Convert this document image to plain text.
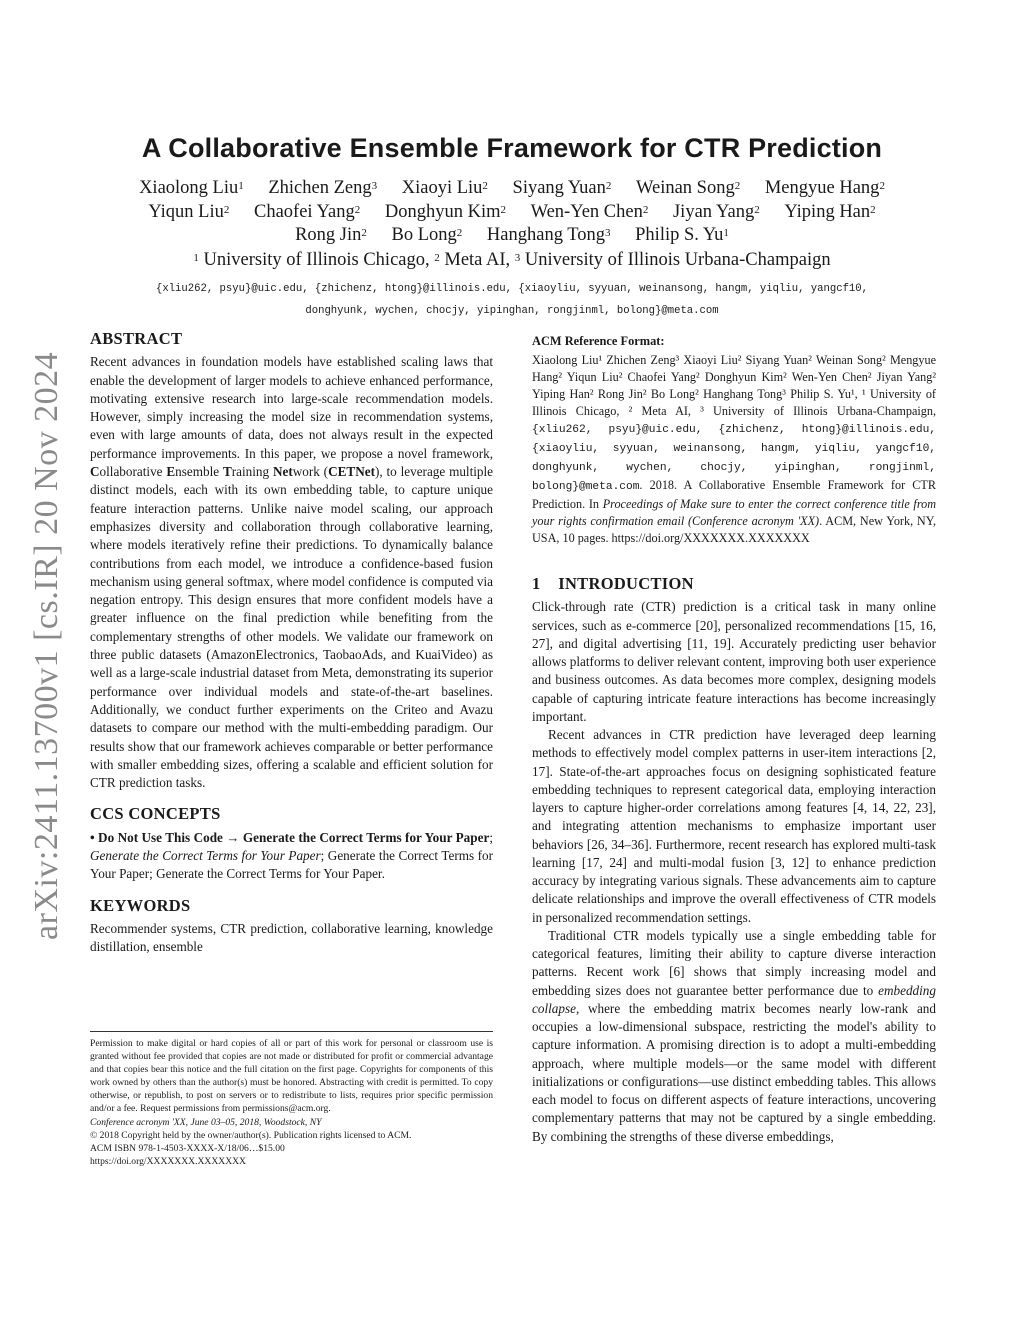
arXiv:2411.13700v1 [cs.IR] 20 Nov 2024
A Collaborative Ensemble Framework for CTR Prediction
Xiaolong Liu$^1$ Zhichen Zeng$^3$ Xiaoyi Liu$^2$ Siyang Yuan$^2$ Weinan Song$^2$ Mengyue Hang$^2$
Yiqun Liu$^2$ Chaofei Yang$^2$ Donghyun Kim$^2$ Wen-Yen Chen$^2$ Jiyan Yang$^2$ Yiping Han$^2$
Rong Jin$^2$ Bo Long$^2$ Hanghang Tong$^3$ Philip S. Yu$^1$
$^1$ University of Illinois Chicago, $^2$ Meta AI, $^3$ University of Illinois Urbana-Champaign
{xliu262, psyu}@uic.edu, {zhichenz, htong}@illinois.edu, {xiaoyliu, syyuan, weinansong, hangm, yiqliu, yangcf10,
donghyunk, wychen, chocjy, yipinghan, rongjinml, bolong}@meta.com
ABSTRACT

Recent advances in foundation models have established scaling laws that enable the development of larger models to achieve enhanced performance, motivating extensive research into large-scale recommendation models. However, simply increasing the model size in recommendation systems, even with large amounts of data, does not always result in the expected performance improvements. In this paper, we propose a novel framework, Collaborative Ensemble Training Network (CETNet), to leverage multiple distinct models, each with its own embedding table, to capture unique feature interaction patterns. Unlike naive model scaling, our approach emphasizes diversity and collaboration through collaborative learning, where models iteratively refine their predictions. To dynamically balance contributions from each model, we introduce a confidence-based fusion mechanism using general softmax, where model confidence is computed via negation entropy. This design ensures that more confident models have a greater influence on the final prediction while benefiting from the complementary strengths of other models. We validate our framework on three public datasets (AmazonElectronics, TaobaoAds, and KuaiVideo) as well as a large-scale industrial dataset from Meta, demonstrating its superior performance over individual models and state-of-the-art baselines. Additionally, we conduct further experiments on the Criteo and Avazu datasets to compare our method with the multi-embedding paradigm. Our results show that our framework achieves comparable or better performance with smaller embedding sizes, offering a scalable and efficient solution for CTR prediction tasks.

CCS CONCEPTS

• Do Not Use This Code → Generate the Correct Terms for Your Paper; Generate the Correct Terms for Your Paper; Generate the Correct Terms for Your Paper; Generate the Correct Terms for Your Paper.

KEYWORDS

Recommender systems, CTR prediction, collaborative learning, knowledge distillation, ensemble

Permission to make digital or hard copies of all or part of this work for personal or classroom use is granted without fee provided that copies are not made or distributed for profit or commercial advantage and that copies bear this notice and the full citation on the first page. Copyrights for components of this work owned by others than the author(s) must be honored. Abstracting with credit is permitted. To copy otherwise, or republish, to post on servers or to redistribute to lists, requires prior specific permission and/or a fee. Request permissions from permissions@acm.org.
Conference acronym 'XX, June 03–05, 2018, Woodstock, NY
© 2018 Copyright held by the owner/author(s). Publication rights licensed to ACM.
ACM ISBN 978-1-4503-XXXX-X/18/06…$15.00
https://doi.org/XXXXXXX.XXXXXXX
ACM Reference Format:
Xiaolong Liu¹ Zhichen Zeng³ Xiaoyi Liu² Siyang Yuan² Weinan Song² Mengyue Hang² Yiqun Liu² Chaofei Yang² Donghyun Kim² Wen-Yen Chen² Jiyan Yang² Yiping Han² Rong Jin² Bo Long² Hanghang Tong³ Philip S. Yu¹, ¹ University of Illinois Chicago, ² Meta AI, ³ University of Illinois Urbana-Champaign, {xliu262, psyu}@uic.edu, {zhichenz, htong}@illinois.edu, {xiaoyliu, syyuan, weinansong, hangm, yiqliu, yangcf10, donghyunk, wychen, chocjy, yipinghan, rongjinml, bolong}@meta.com. 2018. A Collaborative Ensemble Framework for CTR Prediction. In Proceedings of Make sure to enter the correct conference title from your rights confirmation email (Conference acronym 'XX). ACM, New York, NY, USA, 10 pages. https://doi.org/XXXXXXX.XXXXXXX
1    INTRODUCTION

Click-through rate (CTR) prediction is a critical task in many online services, such as e-commerce [20], personalized recommendations [15, 16, 27], and digital advertising [11, 19]. Accurately predicting user behavior allows platforms to deliver relevant content, improving both user experience and business outcomes. As data becomes more complex, designing models capable of capturing intricate feature interactions has become increasingly important.

Recent advances in CTR prediction have leveraged deep learning methods to effectively model complex patterns in user-item interactions [2, 17]. State-of-the-art approaches focus on designing sophisticated feature embedding techniques to represent categorical data, employing interaction layers to capture higher-order correlations among features [4, 14, 22, 23], and integrating attention mechanisms to emphasize important user behaviors [26, 34–36]. Furthermore, recent research has explored multi-task learning [17, 24] and multi-modal fusion [3, 12] to enhance prediction accuracy by integrating various signals. These advancements aim to capture delicate relationships and improve the overall effectiveness of CTR models in personalized recommendation settings.

Traditional CTR models typically use a single embedding table for categorical features, limiting their ability to capture diverse interaction patterns. Recent work [6] shows that simply increasing model and embedding sizes does not guarantee better performance due to embedding collapse, where the embedding matrix becomes nearly low-rank and occupies a low-dimensional subspace, restricting the model's ability to capture information. A promising direction is to adopt a multi-embedding approach, where multiple models—or the same model with different initializations or configurations—use distinct embedding tables. This allows each model to focus on different aspects of feature interactions, uncovering complementary patterns that may not be captured by a single embedding. By combining the strengths of these diverse embeddings,
